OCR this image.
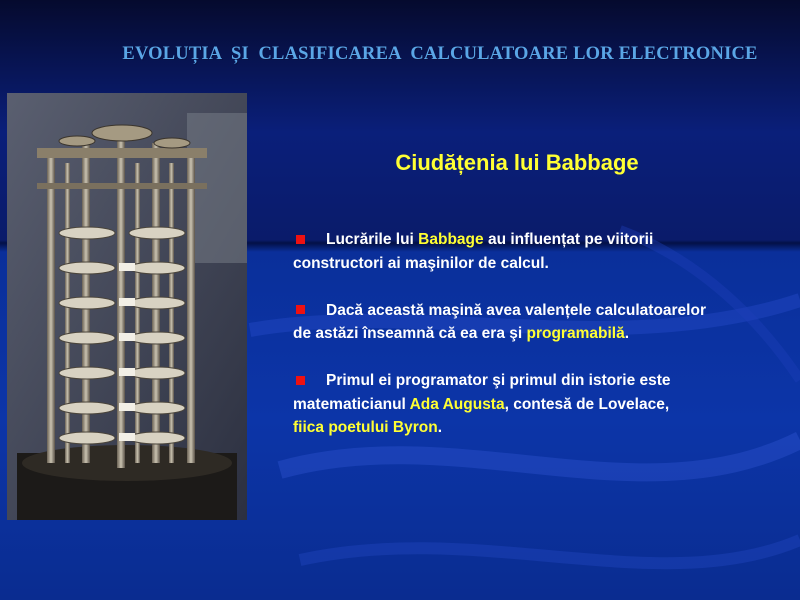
EVOLUȚIA  ȘI  CLASIFICAREA  CALCULATOARE LOR ELECTRONICE
Ciudățenia lui Babbage
Lucrările lui Babbage au influențat pe viitorii
constructori ai maşinilor de calcul.
Dacă această maşină avea valențele calculatoarelor
de astăzi înseamnă că ea era şi programabilă.
Primul ei programator şi primul din istorie este
matematicianul Ada Augusta, contesă de Lovelace,
fiica poetului Byron.
